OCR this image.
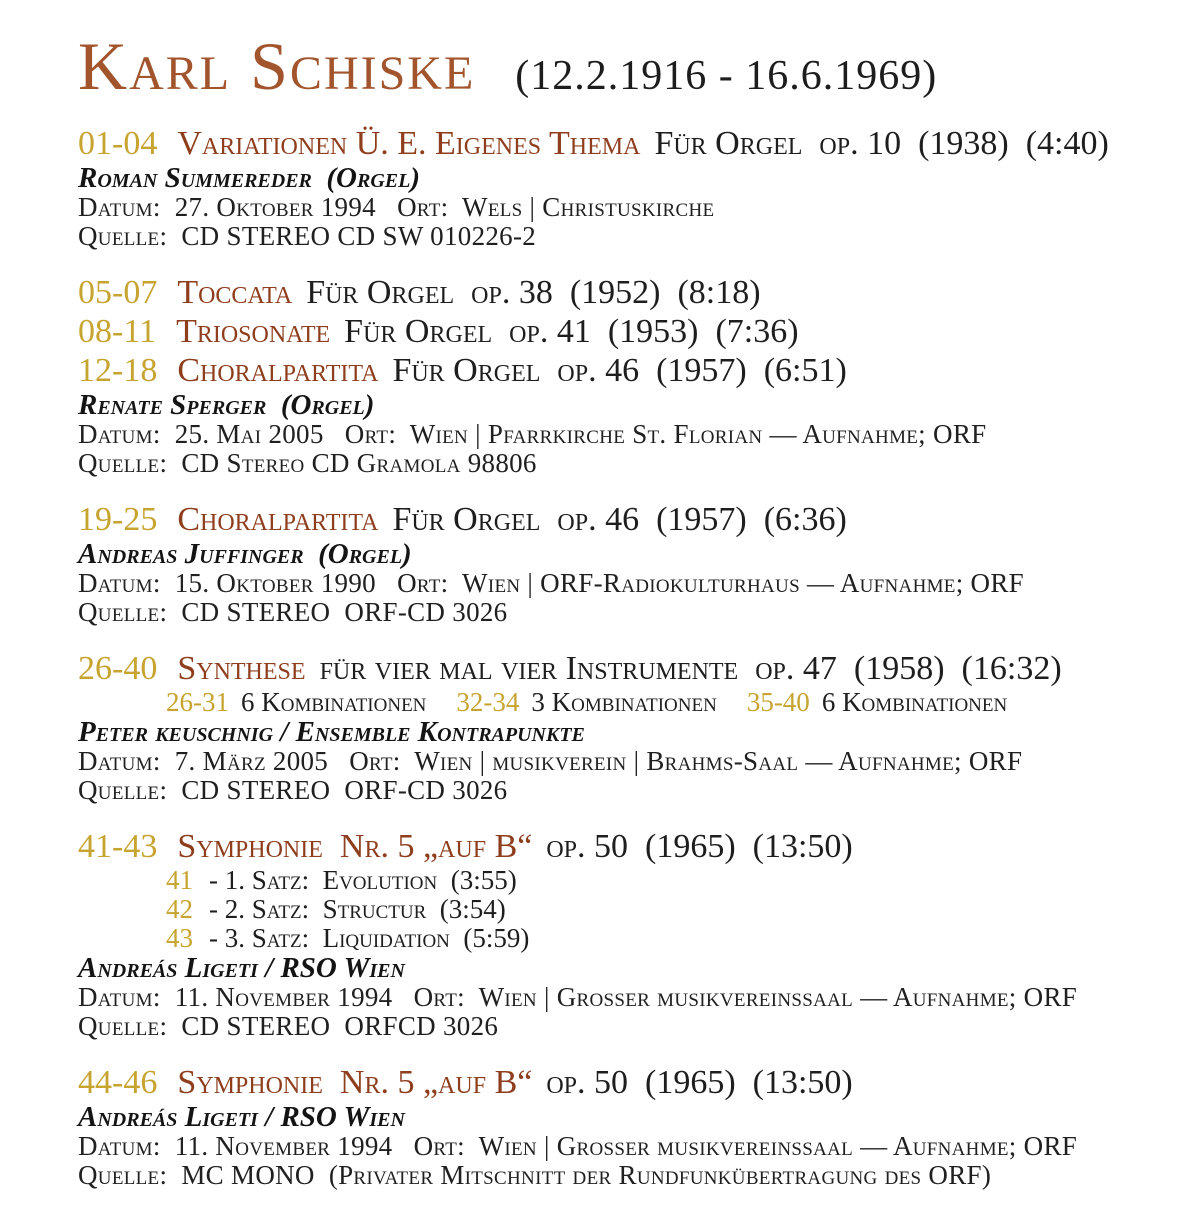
Karl Schiske (12.2.1916 - 16.6.1969)
01-04 Variationen Ü. E. Eigenes Thema Für Orgel  op. 10  (1938)  (4:40)
Roman Summereder  (Orgel)
Datum:  27. Oktober 1994   Ort:  Wels | Christuskirche
Quelle:  CD STEREO CD SW 010226-2
05-07 Toccata Für Orgel  op. 38  (1952)  (8:18)
08-11 Triosonate Für Orgel  op. 41  (1953)  (7:36)
12-18 Choralpartita Für Orgel  op. 46  (1957)  (6:51)
Renate Sperger  (Orgel)
Datum:  25. Mai 2005   Ort:  Wien | Pfarrkirche St. Florian — Aufnahme; ORF
Quelle:  CD Stereo CD Gramola 98806
19-25 Choralpartita Für Orgel  op. 46  (1957)  (6:36)
Andreas Juffinger  (Orgel)
Datum:  15. Oktober 1990   Ort:  Wien | ORF-Radiokulturhaus — Aufnahme; ORF
Quelle:  CD STEREO  ORF-CD 3026
26-40 Synthese für vier mal vier Instrumente  op. 47  (1958)  (16:32)
26-31 6 Kombinationen 32-34 3 Kombinationen 35-40 6 Kombinationen
Peter keuschnig / Ensemble Kontrapunkte
Datum:  7. März 2005   Ort:  Wien | musikverein | Brahms-Saal — Aufnahme; ORF
Quelle:  CD STEREO  ORF-CD 3026
41-43 Symphonie  Nr. 5 „auf B“ op. 50  (1965)  (13:50)
41 - 1. Satz:  Evolution  (3:55)
42 - 2. Satz:  Structur  (3:54)
43 - 3. Satz:  Liquidation  (5:59)
Andreás Ligeti / RSO Wien
Datum:  11. November 1994   Ort:  Wien | Grosser musikvereinssaal — Aufnahme; ORF
Quelle:  CD STEREO  ORFCD 3026
44-46 Symphonie  Nr. 5 „auf B“ op. 50  (1965)  (13:50)
Andreás Ligeti / RSO Wien
Datum:  11. November 1994   Ort:  Wien | Grosser musikvereinssaal — Aufnahme; ORF
Quelle:  MC MONO  (Privater Mitschnitt der Rundfunkübertragung des ORF)
